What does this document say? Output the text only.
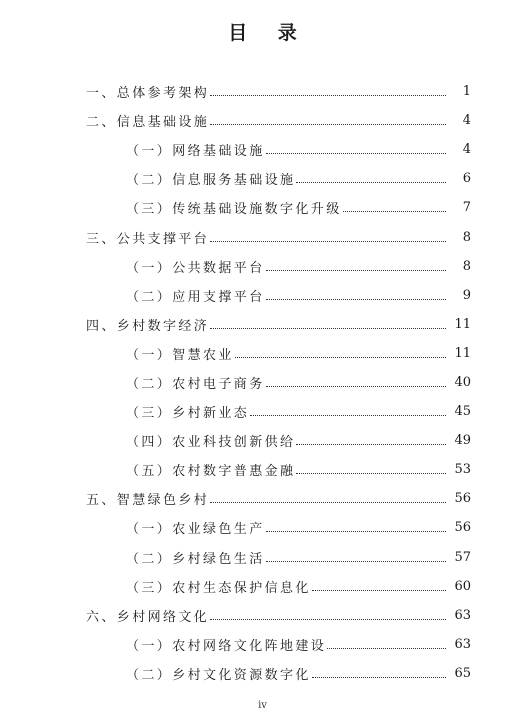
目 录
一、总体参考架构	1
二、信息基础设施	4
（一）网络基础设施	4
（二）信息服务基础设施	6
（三）传统基础设施数字化升级	7
三、公共支撑平台	8
（一）公共数据平台	8
（二）应用支撑平台	9
四、乡村数字经济	11
（一）智慧农业	11
（二）农村电子商务	40
（三）乡村新业态	45
（四）农业科技创新供给	49
（五）农村数字普惠金融	53
五、智慧绿色乡村	56
（一）农业绿色生产	56
（二）乡村绿色生活	57
（三）农村生态保护信息化	60
六、乡村网络文化	63
（一）农村网络文化阵地建设	63
（二）乡村文化资源数字化	65
iv
